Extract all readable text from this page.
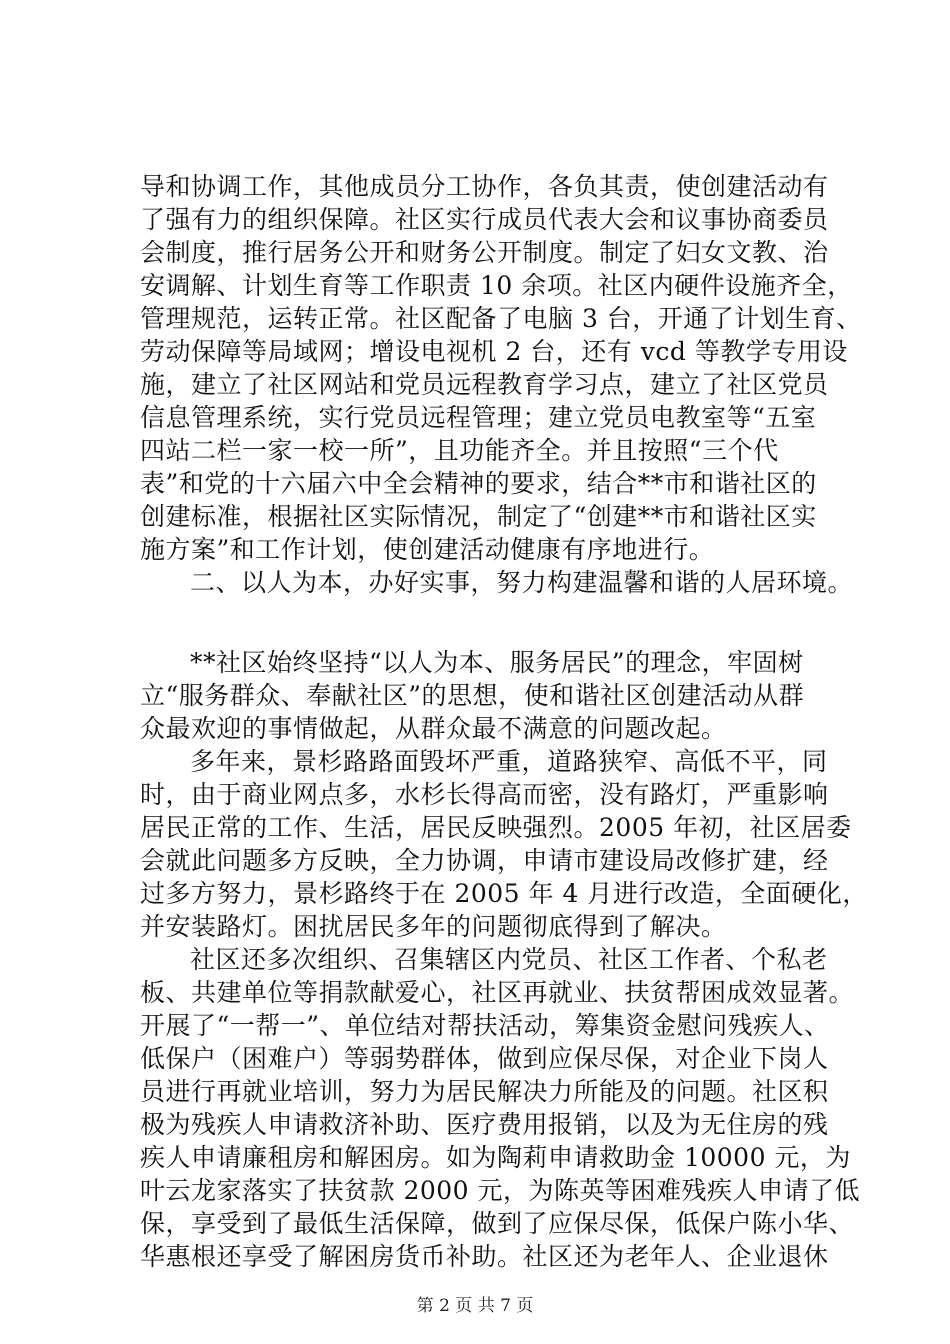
导和协调工作，其他成员分工协作，各负其责，使创建活动有
了强有力的组织保障。社区实行成员代表大会和议事协商委员
会制度，推行居务公开和财务公开制度。制定了妇女文教、治
安调解、计划生育等工作职责 10 余项。社区内硬件设施齐全，
管理规范，运转正常。社区配备了电脑 3 台，开通了计划生育、
劳动保障等局域网；增设电视机 2 台，还有 vcd 等教学专用设
施，建立了社区网站和党员远程教育学习点，建立了社区党员
信息管理系统，实行党员远程管理；建立党员电教室等“五室
四站二栏一家一校一所”，且功能齐全。并且按照“三个代
表”和党的十六届六中全会精神的要求，结合**市和谐社区的
创建标准，根据社区实际情况，制定了“创建**市和谐社区实
施方案”和工作计划，使创建活动健康有序地进行。
二、以人为本，办好实事，努力构建温馨和谐的人居环境。
**社区始终坚持“以人为本、服务居民”的理念，牢固树
立“服务群众、奉献社区”的思想，使和谐社区创建活动从群
众最欢迎的事情做起，从群众最不满意的问题改起。
多年来，景杉路路面毁坏严重，道路狭窄、高低不平，同
时，由于商业网点多，水杉长得高而密，没有路灯，严重影响
居民正常的工作、生活，居民反映强烈。2005 年初，社区居委
会就此问题多方反映，全力协调，申请市建设局改修扩建，经
过多方努力，景杉路终于在 2005 年 4 月进行改造，全面硬化，
并安装路灯。困扰居民多年的问题彻底得到了解决。
社区还多次组织、召集辖区内党员、社区工作者、个私老
板、共建单位等捐款献爱心，社区再就业、扶贫帮困成效显著。
开展了“一帮一”、单位结对帮扶活动，筹集资金慰问残疾人、
低保户（困难户）等弱势群体，做到应保尽保，对企业下岗人
员进行再就业培训，努力为居民解决力所能及的问题。社区积
极为残疾人申请救济补助、医疗费用报销，以及为无住房的残
疾人申请廉租房和解困房。如为陶莉申请救助金 10000 元，为
叶云龙家落实了扶贫款 2000 元，为陈英等困难残疾人申请了低
保，享受到了最低生活保障，做到了应保尽保，低保户陈小华、
华惠根还享受了解困房货币补助。社区还为老年人、企业退休
第 2 页 共 7 页
